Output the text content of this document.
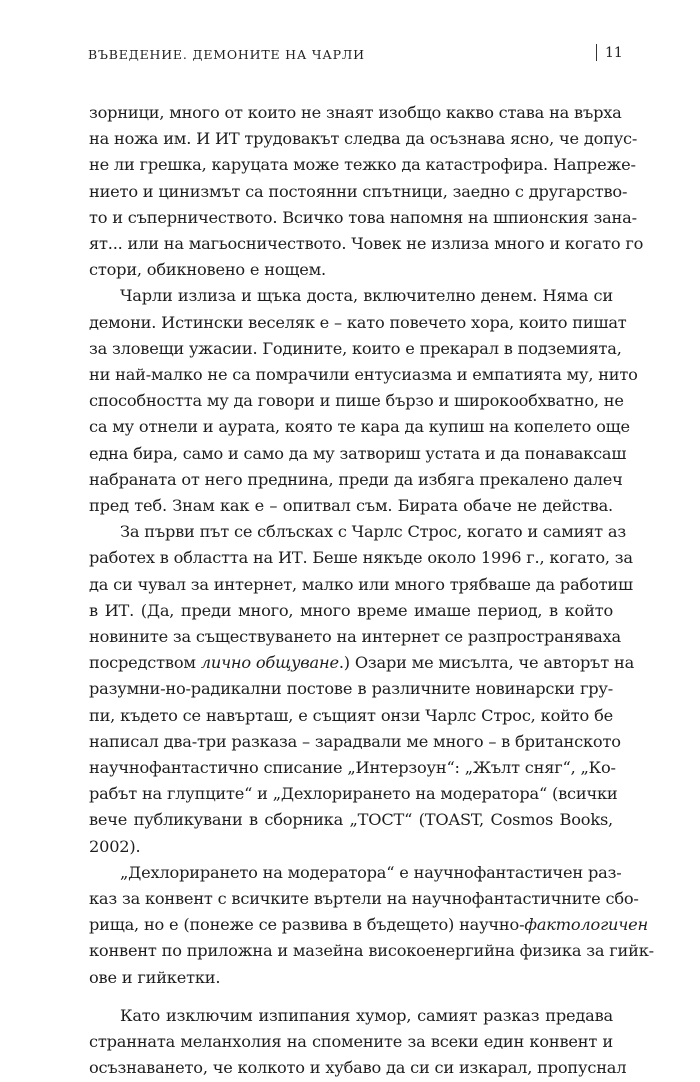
ВЪВЕДЕНИЕ. ДЕМОНИТЕ НА ЧАРЛИ	11
зорници, много от които не знаят изобщо какво става на върха
на ножа им. И ИТ трудовакът следва да осъзнава ясно, че допус-
не ли грешка, каруцата може тежко да катастрофира. Напреже-
нието и цинизмът са постоянни спътници, заедно с другарство-
то и съперничеството. Всичко това напомня на шпионския зана-
ят... или на магьосничеството. Човек не излиза много и когато го
стори, обикновено е нощем.
Чарли излиза и щъка доста, включително денем. Няма си
демони. Истински веселяк е – като повечето хора, които пишат
за зловещи ужасии. Годините, които е прекарал в подземията,
ни най-малко не са помрачили ентусиазма и емпатията му, нито
способността му да говори и пише бързо и широкообхватно, не
са му отнели и аурата, която те кара да купиш на копелето още
една бира, само и само да му затвориш устата и да понаваксаш
набраната от него преднина, преди да избяга прекалено далеч
пред теб. Знам как е – опитвал съм. Бирата обаче не действа.
За първи път се сблъсках с Чарлс Строс, когато и самият аз
работех в областта на ИТ. Беше някъде около 1996 г., когато, за
да си чувал за интернет, малко или много трябваше да работиш
в ИТ. (Да, преди много, много време имаше период, в който
новините за съществуването на интернет се разпространяваха
посредством лично общуване.) Озари ме мисълта, че авторът на
разумни-но-радикални постове в различните новинарски гру-
пи, където се навърташ, е същият онзи Чарлс Строс, който бе
написал два-три разказа – зарадвали ме много – в британското
научнофантастично списание „Интерзоун“: „Жълт сняг“, „Ко-
рабът на глупците“ и „Дехлорирането на модератора“ (всички
вече публикувани в сборника „ТОСТ“ (TOAST, Cosmos Books,
2002).
„Дехлорирането на модератора“ е научнофантастичен раз-
каз за конвент с всичките въртели на научнофантастичните сбо-
рища, но е (понеже се развива в бъдещето) научно-фактологичен
конвент по приложна и мазейна високоенергийна физика за гийк-
ове и гийкетки.
Като изключим изпипания хумор, самият разказ предава
странната меланхолия на спомените за всеки един конвент и
осъзнаването, че колкото и хубаво да си си изкарал, пропуснал
